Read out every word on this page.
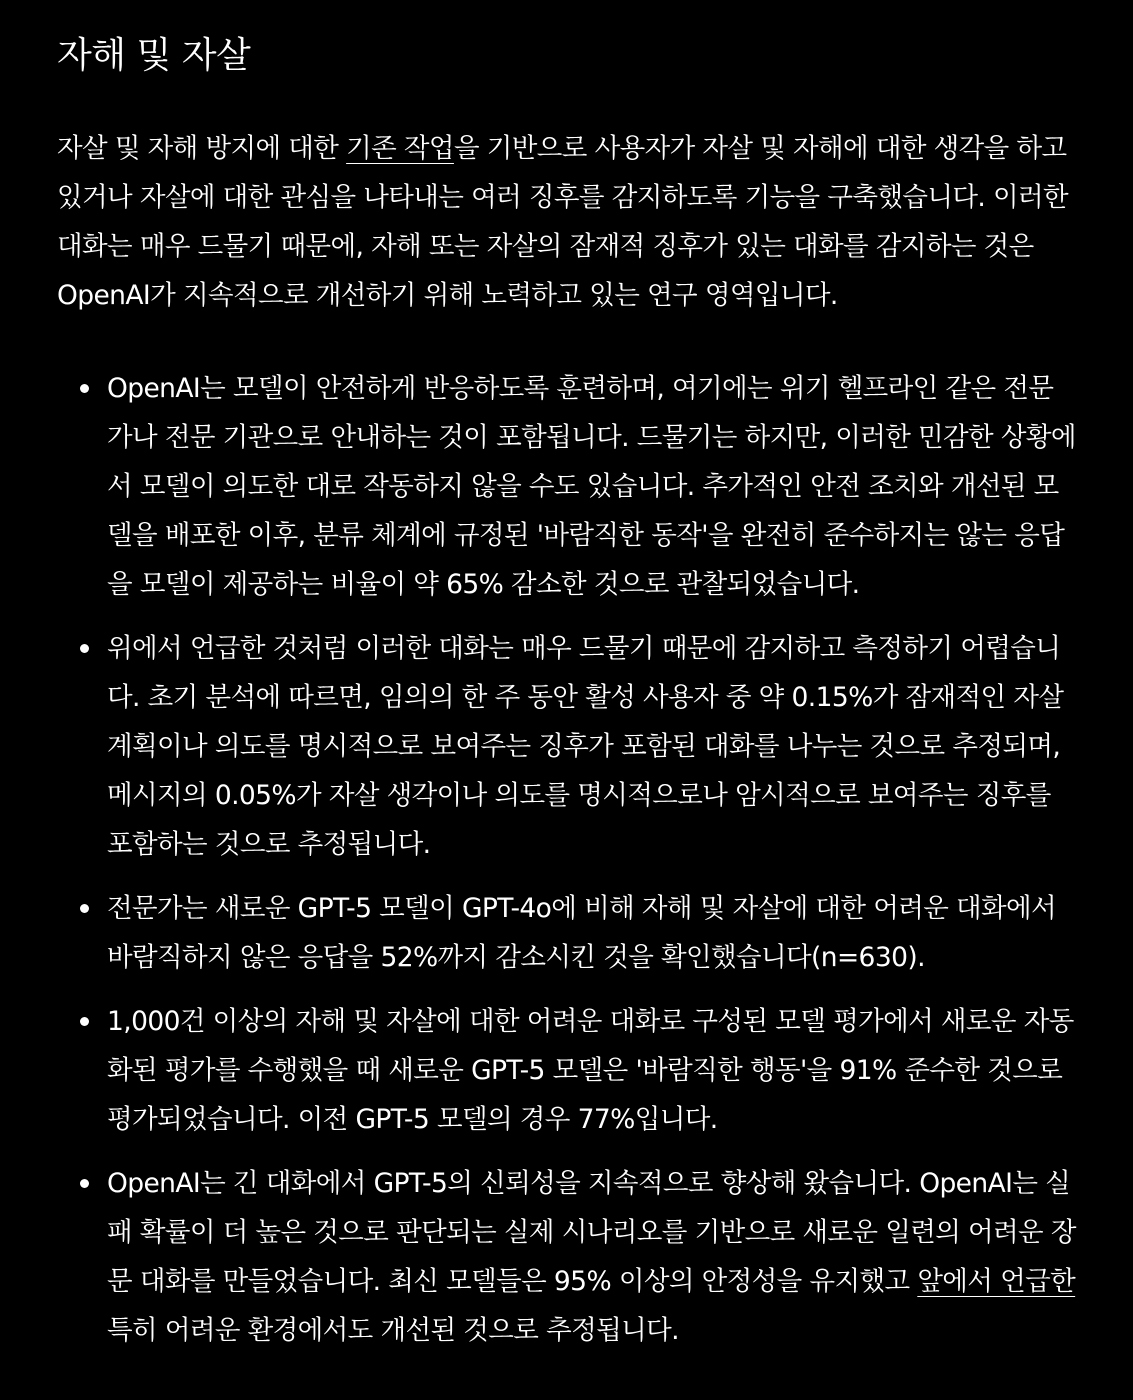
자해 및 자살

자살 및 자해 방지에 대한 기존 작업을 기반으로 사용자가 자살 및 자해에 대한 생각을 하고 있거나 자살에 대한 관심을 나타내는 여러 징후를 감지하도록 기능을 구축했습니다. 이러한 대화는 매우 드물기 때문에, 자해 또는 자살의 잠재적 징후가 있는 대화를 감지하는 것은 OpenAI가 지속적으로 개선하기 위해 노력하고 있는 연구 영역입니다.

OpenAI는 모델이 안전하게 반응하도록 훈련하며, 여기에는 위기 헬프라인 같은 전문가나 전문 기관으로 안내하는 것이 포함됩니다. 드물기는 하지만, 이러한 민감한 상황에서 모델이 의도한 대로 작동하지 않을 수도 있습니다. 추가적인 안전 조치와 개선된 모델을 배포한 이후, 분류 체계에 규정된 '바람직한 동작'을 완전히 준수하지는 않는 응답을 모델이 제공하는 비율이 약 65% 감소한 것으로 관찰되었습니다.
위에서 언급한 것처럼 이러한 대화는 매우 드물기 때문에 감지하고 측정하기 어렵습니다. 초기 분석에 따르면, 임의의 한 주 동안 활성 사용자 중 약 0.15%가 잠재적인 자살 계획이나 의도를 명시적으로 보여주는 징후가 포함된 대화를 나누는 것으로 추정되며, 메시지의 0.05%가 자살 생각이나 의도를 명시적으로나 암시적으로 보여주는 징후를 포함하는 것으로 추정됩니다.
전문가는 새로운 GPT-5 모델이 GPT-4o에 비해 자해 및 자살에 대한 어려운 대화에서 바람직하지 않은 응답을 52%까지 감소시킨 것을 확인했습니다(n=630).
1,000건 이상의 자해 및 자살에 대한 어려운 대화로 구성된 모델 평가에서 새로운 자동화된 평가를 수행했을 때 새로운 GPT-5 모델은 '바람직한 행동'을 91% 준수한 것으로 평가되었습니다. 이전 GPT-5 모델의 경우 77%입니다.
OpenAI는 긴 대화에서 GPT-5의 신뢰성을 지속적으로 향상해 왔습니다. OpenAI는 실패 확률이 더 높은 것으로 판단되는 실제 시나리오를 기반으로 새로운 일련의 어려운 장문 대화를 만들었습니다. 최신 모델들은 95% 이상의 안정성을 유지했고 앞에서 언급한 특히 어려운 환경에서도 개선된 것으로 추정됩니다.
